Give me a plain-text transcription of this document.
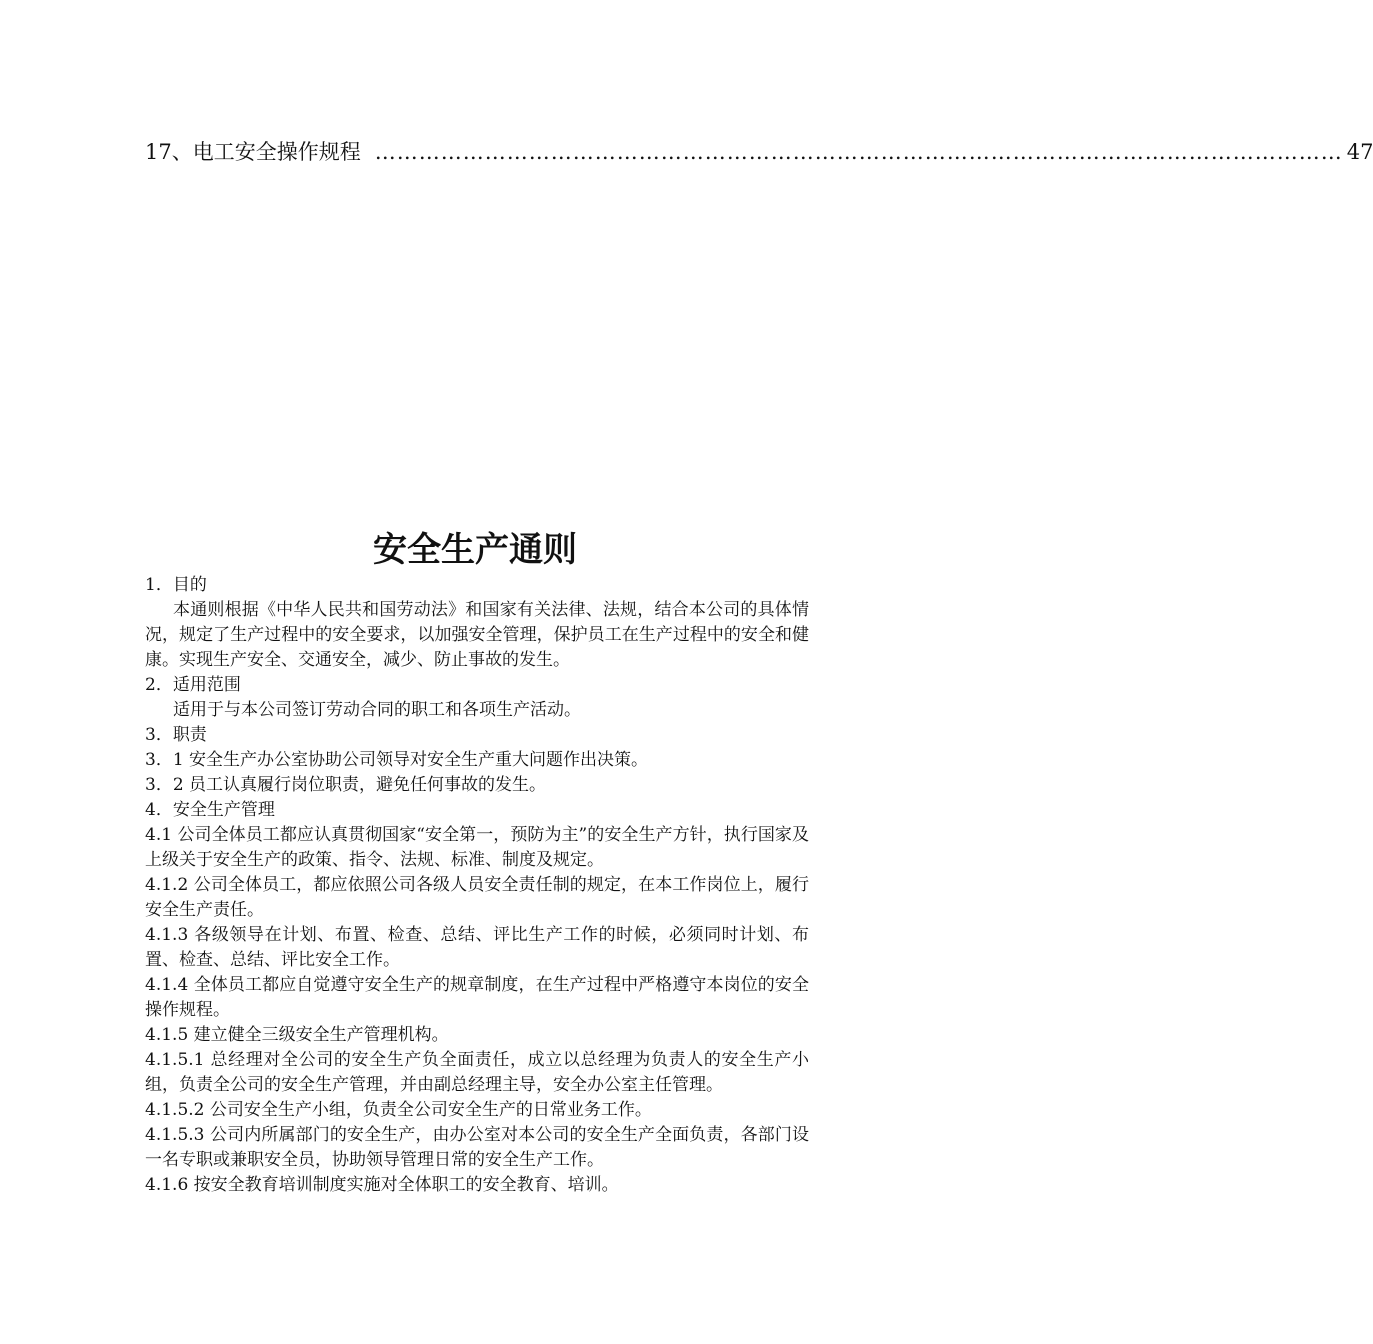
17、电工安全操作规程 …………………………………………………………………………………………………………………… 47
安全生产通则

1．目的

本通则根据《中华人民共和国劳动法》和国家有关法律、法规，结合本公司的具体情况，规定了生产过程中的安全要求，以加强安全管理，保护员工在生产过程中的安全和健康。实现生产安全、交通安全，减少、防止事故的发生。

2．适用范围

适用于与本公司签订劳动合同的职工和各项生产活动。

3．职责

3．1 安全生产办公室协助公司领导对安全生产重大问题作出决策。

3．2 员工认真履行岗位职责，避免任何事故的发生。

4．安全生产管理

4.1 公司全体员工都应认真贯彻国家“安全第一，预防为主”的安全生产方针，执行国家及上级关于安全生产的政策、指令、法规、标准、制度及规定。

4.1.2 公司全体员工，都应依照公司各级人员安全责任制的规定，在本工作岗位上，履行安全生产责任。

4.1.3 各级领导在计划、布置、检查、总结、评比生产工作的时候，必须同时计划、布置、检查、总结、评比安全工作。

4.1.4 全体员工都应自觉遵守安全生产的规章制度，在生产过程中严格遵守本岗位的安全操作规程。

4.1.5 建立健全三级安全生产管理机构。

4.1.5.1 总经理对全公司的安全生产负全面责任，成立以总经理为负责人的安全生产小组，负责全公司的安全生产管理，并由副总经理主导，安全办公室主任管理。

4.1.5.2 公司安全生产小组，负责全公司安全生产的日常业务工作。

4.1.5.3 公司内所属部门的安全生产，由办公室对本公司的安全生产全面负责，各部门设一名专职或兼职安全员，协助领导管理日常的安全生产工作。

4.1.6 按安全教育培训制度实施对全体职工的安全教育、培训。
